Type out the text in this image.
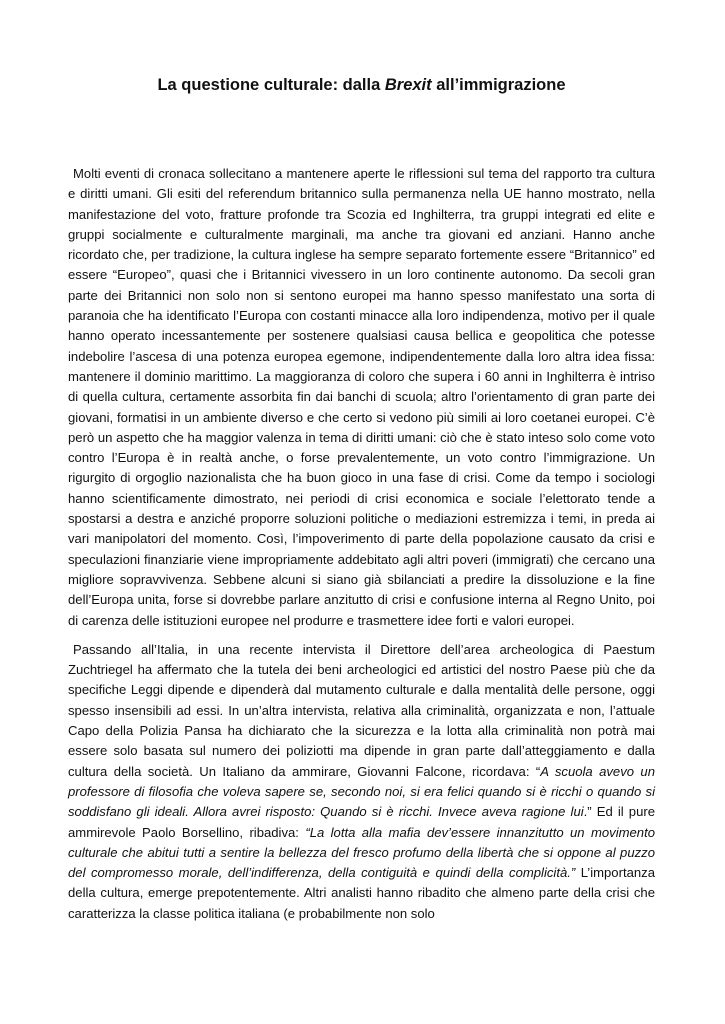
La questione culturale: dalla Brexit all’immigrazione

Molti eventi di cronaca sollecitano a mantenere aperte le riflessioni sul tema del rapporto tra cultura e diritti umani. Gli esiti del referendum britannico sulla permanenza nella UE hanno mostrato, nella manifestazione del voto, fratture profonde tra Scozia ed Inghilterra, tra gruppi integrati ed elite e gruppi socialmente e culturalmente marginali, ma anche tra giovani ed anziani. Hanno anche ricordato che, per tradizione, la cultura inglese ha sempre separato fortemente essere “Britannico” ed essere “Europeo”, quasi che i Britannici vivessero in un loro continente autonomo. Da secoli gran parte dei Britannici non solo non si sentono europei ma hanno spesso manifestato una sorta di paranoia che ha identificato l’Europa con costanti minacce alla loro indipendenza, motivo per il quale hanno operato incessantemente per sostenere qualsiasi causa bellica e geopolitica che potesse indebolire l’ascesa di una potenza europea egemone, indipendentemente dalla loro altra idea fissa: mantenere il dominio marittimo. La maggioranza di coloro che supera i 60 anni in Inghilterra è intriso di quella cultura, certamente assorbita fin dai banchi di scuola; altro l’orientamento di gran parte dei giovani, formatisi in un ambiente diverso e che certo si vedono più simili ai loro coetanei europei. C’è però un aspetto che ha maggior valenza in tema di diritti umani: ciò che è stato inteso solo come voto contro l’Europa è in realtà anche, o forse prevalentemente, un voto contro l’immigrazione. Un rigurgito di orgoglio nazionalista che ha buon gioco in una fase di crisi. Come da tempo i sociologi hanno scientificamente dimostrato, nei periodi di crisi economica e sociale l’elettorato tende a spostarsi a destra e anziché proporre soluzioni politiche o mediazioni estremizza i temi, in preda ai vari manipolatori del momento. Così, l’impoverimento di parte della popolazione causato da crisi e speculazioni finanziarie viene impropriamente addebitato agli altri poveri (immigrati) che cercano una migliore sopravvivenza. Sebbene alcuni si siano già sbilanciati a predire la dissoluzione e la fine dell’Europa unita, forse si dovrebbe parlare anzitutto di crisi e confusione interna al Regno Unito, poi di carenza delle istituzioni europee nel produrre e trasmettere idee forti e valori europei.

Passando all’Italia, in una recente intervista il Direttore dell’area archeologica di Paestum Zuchtriegel ha affermato che la tutela dei beni archeologici ed artistici del nostro Paese più che da specifiche Leggi dipende e dipenderà dal mutamento culturale e dalla mentalità delle persone, oggi spesso insensibili ad essi. In un’altra intervista, relativa alla criminalità, organizzata e non, l’attuale Capo della Polizia Pansa ha dichiarato che la sicurezza e la lotta alla criminalità non potrà mai essere solo basata sul numero dei poliziotti ma dipende in gran parte dall’atteggiamento e dalla cultura della società. Un Italiano da ammirare, Giovanni Falcone, ricordava: “A scuola avevo un professore di filosofia che voleva sapere se, secondo noi, si era felici quando si è ricchi o quando si soddisfano gli ideali. Allora avrei risposto: Quando si è ricchi. Invece aveva ragione lui.” Ed il pure ammirevole Paolo Borsellino, ribadiva: “La lotta alla mafia dev’essere innanzitutto un movimento culturale che abitui tutti a sentire la bellezza del fresco profumo della libertà che si oppone al puzzo del compromesso morale, dell’indifferenza, della contiguità e quindi della complicità.” L’importanza della cultura, emerge prepotentemente. Altri analisti hanno ribadito che almeno parte della crisi che caratterizza la classe politica italiana (e probabilmente non solo
